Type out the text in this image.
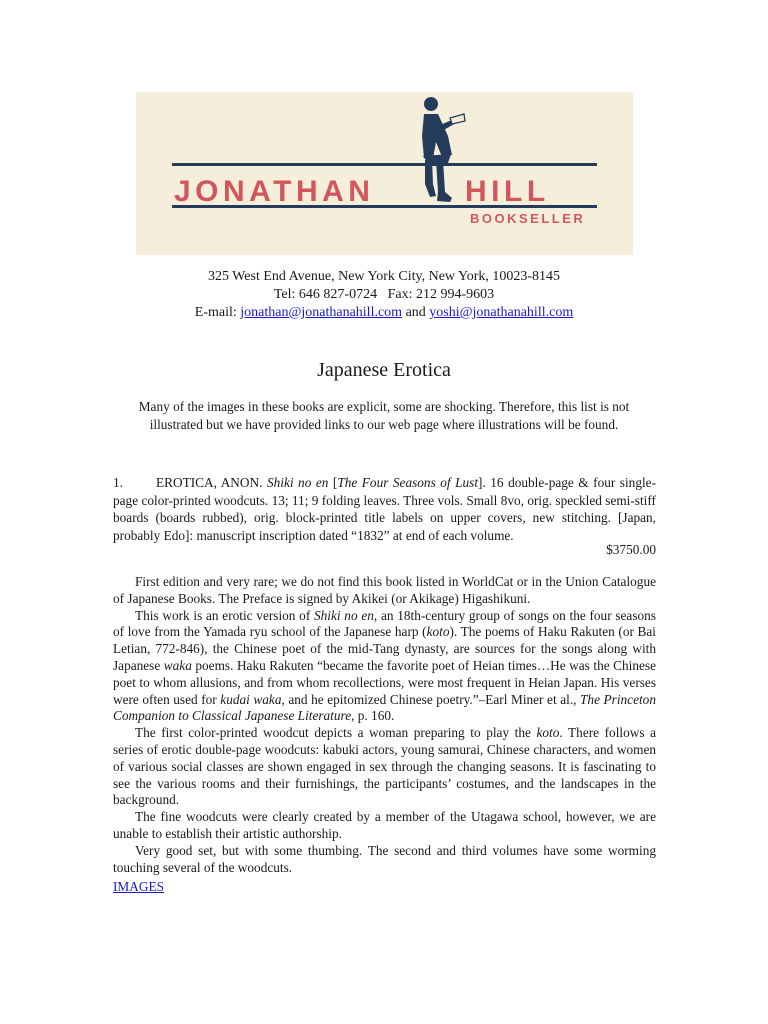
JONATHAN	HILL
BOOKSELLER
325 West End Avenue, New York City, New York, 10023-8145
Tel: 646 827-0724   Fax: 212 994-9603
E-mail: jonathan@jonathanahill.com and yoshi@jonathanahill.com
Japanese Erotica
Many of the images in these books are explicit, some are shocking. Therefore, this list is not illustrated but we have provided links to our web page where illustrations will be found.
1. EROTICA, ANON. Shiki no en [The Four Seasons of Lust]. 16 double-page & four single-page color-printed woodcuts. 13; 11; 9 folding leaves. Three vols. Small 8vo, orig. speckled semi-stiff boards (boards rubbed), orig. block-printed title labels on upper covers, new stitching. [Japan, probably Edo]: manuscript inscription dated “1832” at end of each volume.
$3750.00

First edition and very rare; we do not find this book listed in WorldCat or in the Union Catalogue of Japanese Books. The Preface is signed by Akikei (or Akikage) Higashikuni.

This work is an erotic version of Shiki no en, an 18th-century group of songs on the four seasons of love from the Yamada ryu school of the Japanese harp (koto). The poems of Haku Rakuten (or Bai Letian, 772-846), the Chinese poet of the mid-Tang dynasty, are sources for the songs along with Japanese waka poems. Haku Rakuten “became the favorite poet of Heian times…He was the Chinese poet to whom allusions, and from whom recollections, were most frequent in Heian Japan. His verses were often used for kudai waka, and he epitomized Chinese poetry.”–Earl Miner et al., The Princeton Companion to Classical Japanese Literature, p. 160.

The first color-printed woodcut depicts a woman preparing to play the koto. There follows a series of erotic double-page woodcuts: kabuki actors, young samurai, Chinese characters, and women of various social classes are shown engaged in sex through the changing seasons. It is fascinating to see the various rooms and their furnishings, the participants’ costumes, and the landscapes in the background.

The fine woodcuts were clearly created by a member of the Utagawa school, however, we are unable to establish their artistic authorship.

Very good set, but with some thumbing. The second and third volumes have some worming touching several of the woodcuts.

IMAGES
